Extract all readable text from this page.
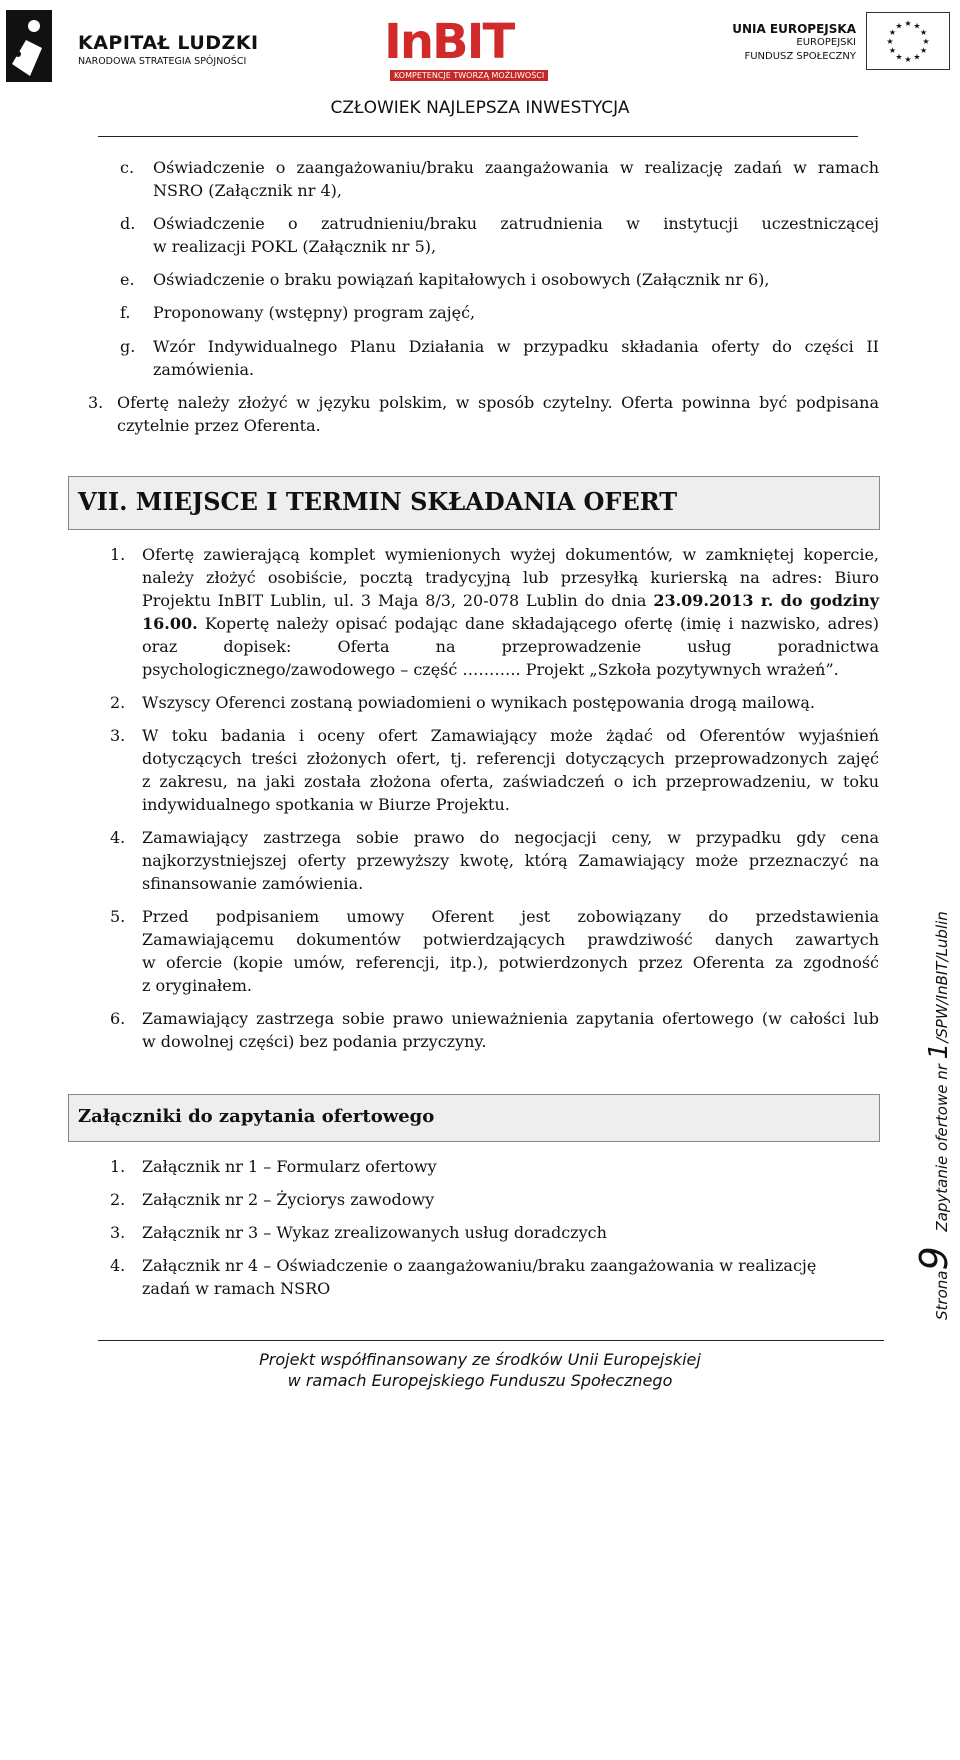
KAPITAŁ LUDZKI
NARODOWA STRATEGIA SPÓJNOŚCI	InBIT
KOMPETENCJE TWORZĄ MOŻLIWOŚCI
UNIA EUROPEJSKA
EUROPEJSKI
FUNDUSZ SPOŁECZNY
★ ★
★
★
★
★
★
★
★
★
★
★
CZŁOWIEK NAJLEPSZA INWESTYCJA
c. Oświadczenie o zaangażowaniu/braku zaangażowania w realizację zadań w ramach
NSRO (Załącznik nr 4),
d. Oświadczenie o zatrudnieniu/braku zatrudnienia w instytucji uczestniczącej
w realizacji POKL (Załącznik nr 5),
e. Oświadczenie o braku powiązań kapitałowych i osobowych (Załącznik nr 6),
f. Proponowany (wstępny) program zajęć,
g. Wzór Indywidualnego Planu Działania w przypadku składania oferty do części II
zamówienia.
3. Ofertę należy złożyć w języku polskim, w sposób czytelny. Oferta powinna być podpisana
czytelnie przez Oferenta.
VII. MIEJSCE I TERMIN SKŁADANIA OFERT
1. Ofertę zawierającą komplet wymienionych wyżej dokumentów, w zamkniętej kopercie,
należy złożyć osobiście, pocztą tradycyjną lub przesyłką kurierską na adres: Biuro
Projektu InBIT Lublin, ul. 3 Maja 8/3, 20-078 Lublin do dnia 23.09.2013 r. do godziny
16.00. Kopertę należy opisać podając dane składającego ofertę (imię i nazwisko, adres)
oraz dopisek: Oferta na przeprowadzenie usług poradnictwa
psychologicznego/zawodowego – część ……….. Projekt „Szkoła pozytywnych wrażeń”.
2. Wszyscy Oferenci zostaną powiadomieni o wynikach postępowania drogą mailową.
3. W toku badania i oceny ofert Zamawiający może żądać od Oferentów wyjaśnień
dotyczących treści złożonych ofert, tj. referencji dotyczących przeprowadzonych zajęć
z zakresu, na jaki została złożona oferta, zaświadczeń o ich przeprowadzeniu, w toku
indywidualnego spotkania w Biurze Projektu.
4. Zamawiający zastrzega sobie prawo do negocjacji ceny, w przypadku gdy cena
najkorzystniejszej oferty przewyższy kwotę, którą Zamawiający może przeznaczyć na
sfinansowanie zamówienia.
5. Przed podpisaniem umowy Oferent jest zobowiązany do przedstawienia
Zamawiającemu dokumentów potwierdzających prawdziwość danych zawartych
w ofercie (kopie umów, referencji, itp.), potwierdzonych przez Oferenta za zgodność
z oryginałem.
6. Zamawiający zastrzega sobie prawo unieważnienia zapytania ofertowego (w całości lub
w dowolnej części) bez podania przyczyny.
Załączniki do zapytania ofertowego
1. Załącznik nr 1 – Formularz ofertowy
2. Załącznik nr 2 – Życiorys zawodowy
3. Załącznik nr 3 – Wykaz zrealizowanych usług doradczych
4. Załącznik nr 4 – Oświadczenie o zaangażowaniu/braku zaangażowania w realizację
zadań w ramach NSRO
Projekt współfinansowany ze środków Unii Europejskiej
w ramach Europejskiego Funduszu Społecznego
Strona9 Zapytanie ofertowe nr 1/SPW/InBIT/Lublin
